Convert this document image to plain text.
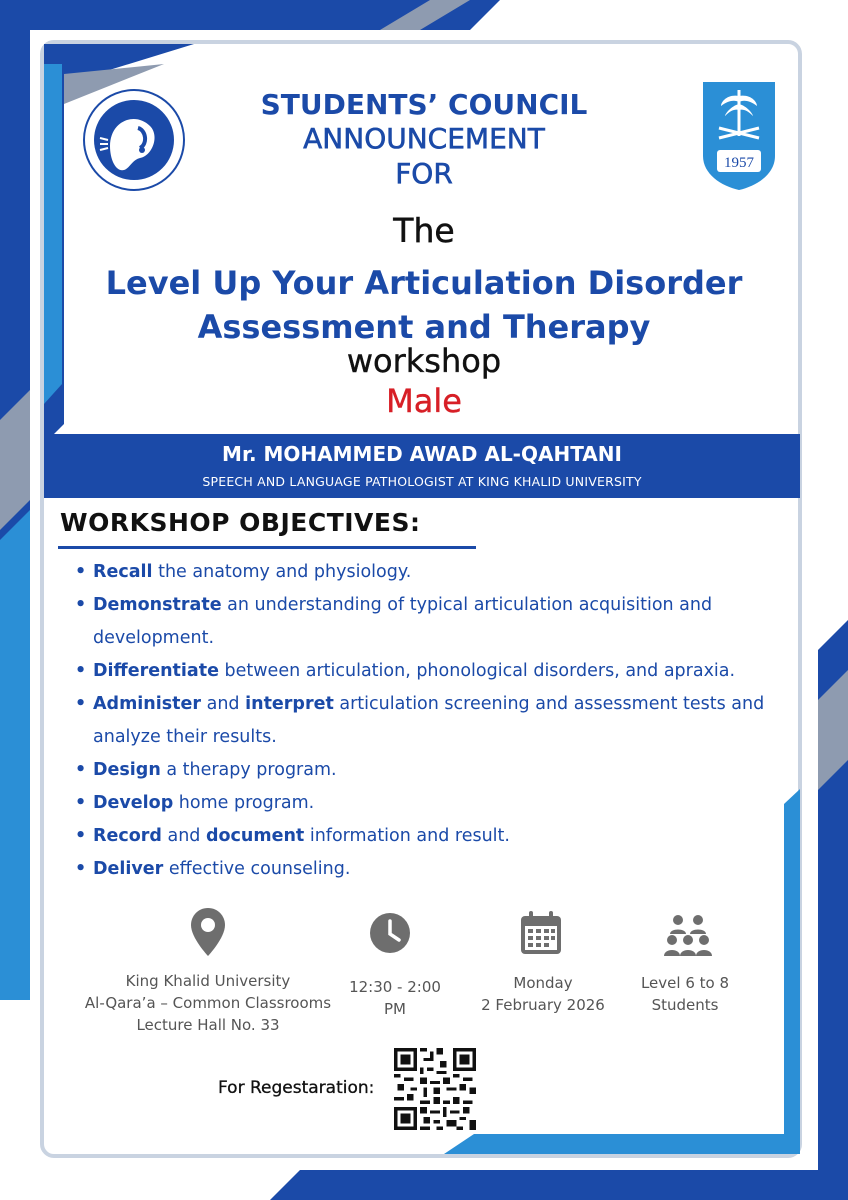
1957
STUDENTS’ COUNCIL
ANNOUNCEMENT
FOR
The
Level Up Your Articulation Disorder
Assessment and Therapy
workshop
Male
Mr. MOHAMMED AWAD AL-QAHTANI
SPEECH AND LANGUAGE PATHOLOGIST AT KING KHALID UNIVERSITY
WORKSHOP OBJECTIVES:
• Recall the anatomy and physiology.
• Demonstrate an understanding of typical articulation acquisition and development.
• Differentiate between articulation, phonological disorders, and apraxia.
• Administer and interpret articulation screening and assessment tests and analyze their results.
• Design a therapy program.
• Develop home program.
• Record and document information and result.
• Deliver effective counseling.
King Khalid University
Al-Qara’a – Common Classrooms
Lecture Hall No. 33
12:30 - 2:00
PM
Monday
2 February 2026
Level 6 to 8
Students
For Regestaration:
